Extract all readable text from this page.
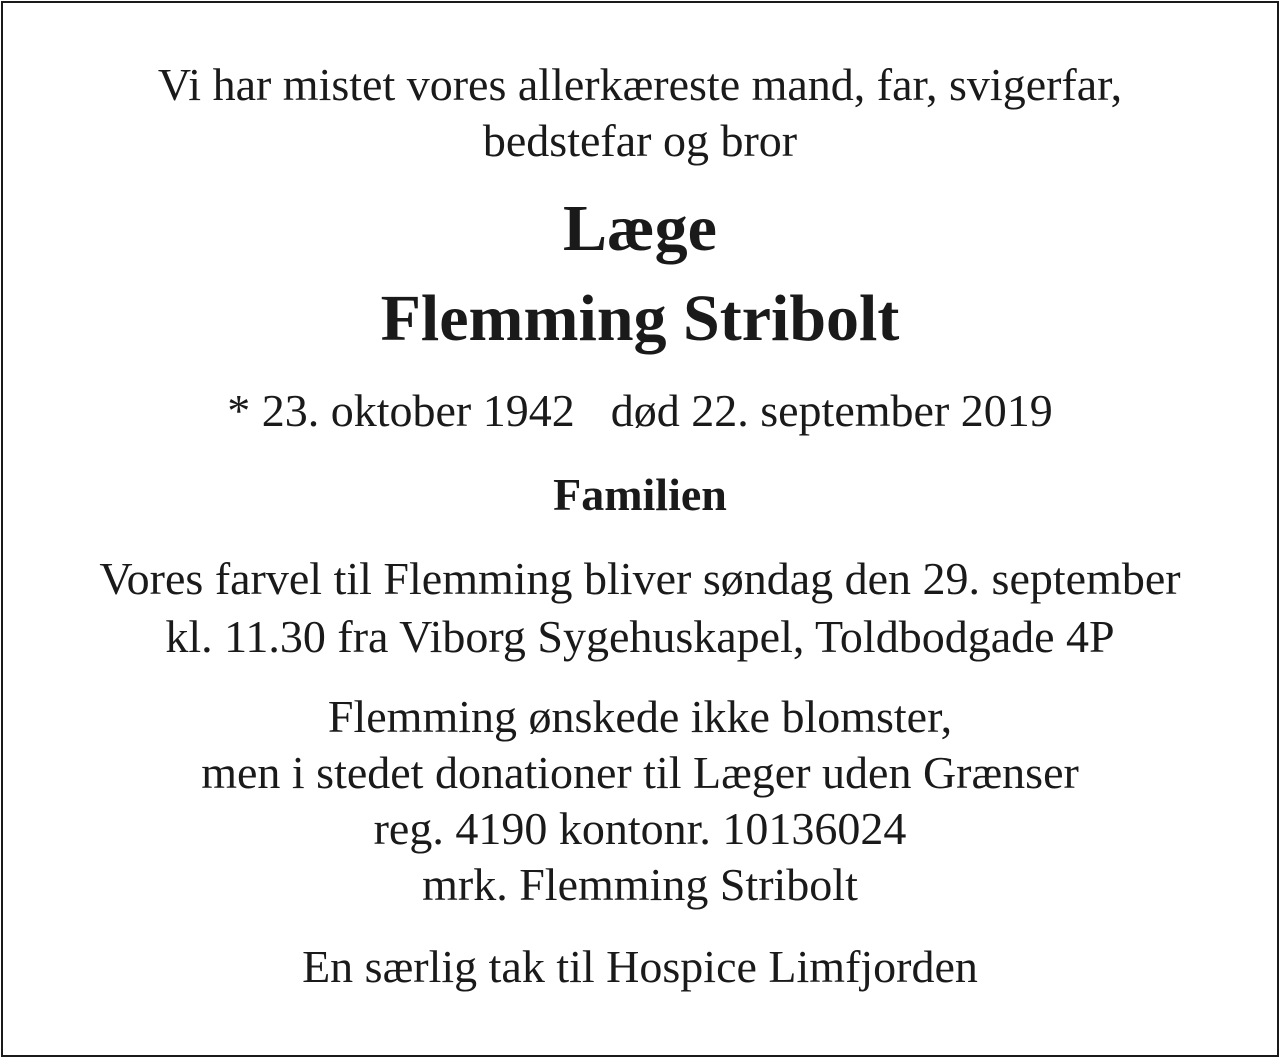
Vi har mistet vores allerkæreste mand, far, svigerfar,
bedstefar og bror
Læge
Flemming Stribolt
* 23. oktober 1942 død 22. september 2019
Familien
Vores farvel til Flemming bliver søndag den 29. september
kl. 11.30 fra Viborg Sygehuskapel, Toldbodgade 4P
Flemming ønskede ikke blomster,
men i stedet donationer til Læger uden Grænser
reg. 4190 kontonr. 10136024
mrk. Flemming Stribolt
En særlig tak til Hospice Limfjorden
